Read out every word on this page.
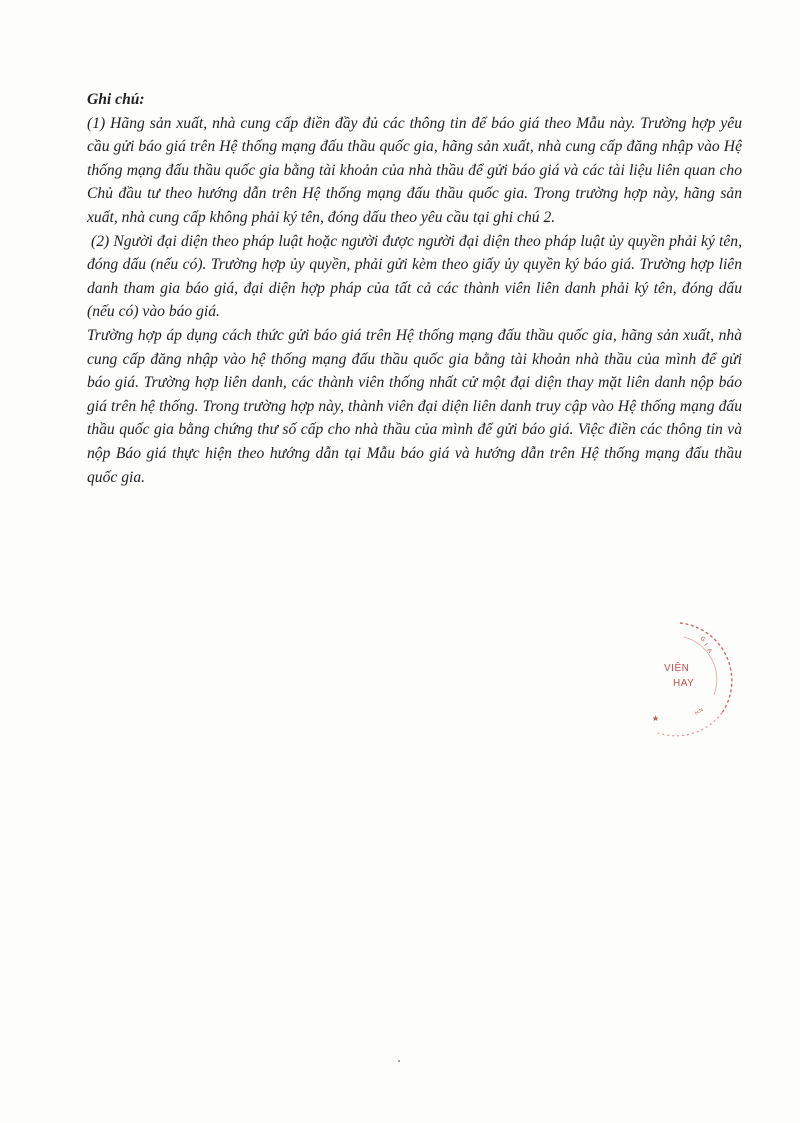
Ghi chú:

(1) Hãng sản xuất, nhà cung cấp điền đầy đủ các thông tin để báo giá theo Mẫu này. Trường hợp yêu cầu gửi báo giá trên Hệ thống mạng đấu thầu quốc gia, hãng sản xuất, nhà cung cấp đăng nhập vào Hệ thống mạng đấu thầu quốc gia bằng tài khoản của nhà thầu để gửi báo giá và các tài liệu liên quan cho Chủ đầu tư theo hướng dẫn trên Hệ thống mạng đấu thầu quốc gia. Trong trường hợp này, hãng sản xuất, nhà cung cấp không phải ký tên, đóng dấu theo yêu cầu tại ghi chú 2.

(2) Người đại diện theo pháp luật hoặc người được người đại diện theo pháp luật ủy quyền phải ký tên, đóng dấu (nếu có). Trường hợp ủy quyền, phải gửi kèm theo giấy ủy quyền ký báo giá. Trường hợp liên danh tham gia báo giá, đại diện hợp pháp của tất cả các thành viên liên danh phải ký tên, đóng dấu (nếu có) vào báo giá.

Trường hợp áp dụng cách thức gửi báo giá trên Hệ thống mạng đấu thầu quốc gia, hãng sản xuất, nhà cung cấp đăng nhập vào hệ thống mạng đấu thầu quốc gia bằng tài khoản nhà thầu của mình để gửi báo giá. Trường hợp liên danh, các thành viên thống nhất cử một đại diện thay mặt liên danh nộp báo giá trên hệ thống. Trong trường hợp này, thành viên đại diện liên danh truy cập vào Hệ thống mạng đấu thầu quốc gia bằng chứng thư số cấp cho nhà thầu của mình để gửi báo giá. Việc điền các thông tin và nộp Báo giá thực hiện theo hướng dẫn tại Mẫu báo giá và hướng dẫn trên Hệ thống mạng đấu thầu quốc gia.

G
I
A
★
H.N
VIỆN
HAY
